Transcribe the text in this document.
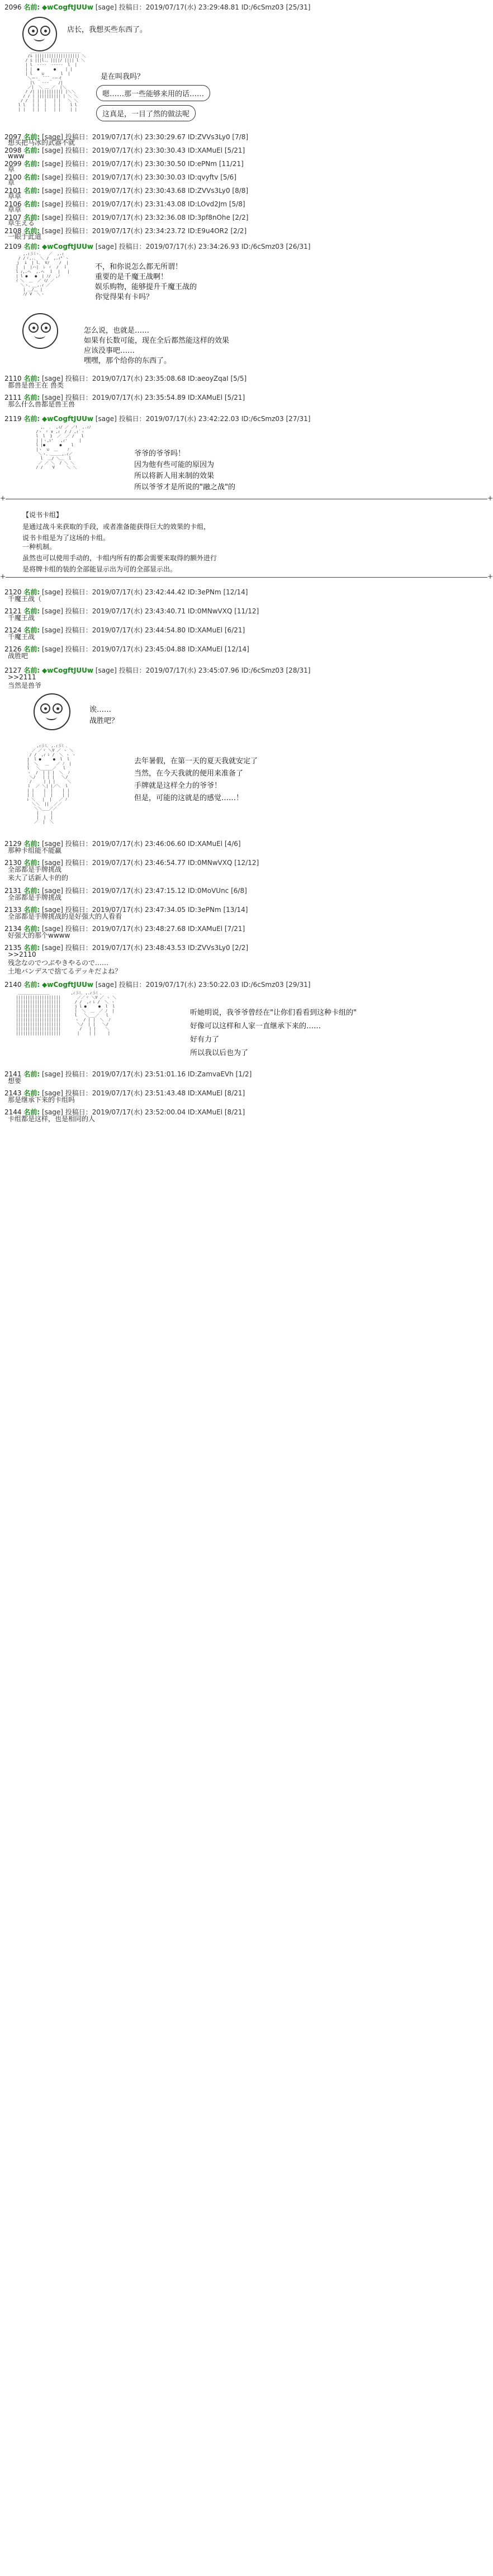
2096 名前: ◆wCogftJUUw [sage] 投稿日：2019/07/17(水) 23:29:48.81 ID:/6cSmz03 [25/31]
店长，我想买些东西了。
＿＿＿＿＿＿＿＿＿＿＿＿＿
/i ||||||||||||||||||| ＼
/ i |||l.、||||/ |||| l ＼
| l  -‐--  ‐--‐-  l  |
| |  ●      ●    | |
| l    ∪       l  |
＼ー-_ ̄ ̄ ̄ _-ーイ
|\   ‐‐‐    /|
／|  ＼ ＿ ／  |＼
/ /| ||||||||||| |＼＼
/ / | |||||||||| | ＼ ＼
/ /  | |  |   | |   ＼ ＼
l l   | |  |   | |    l l
| |   | |  |   | |    | |
是在叫我吗？
嗯……那一些能够来用的话……
这真是，一目了然的做法呢
2097 名前: [sage] 投稿日：2019/07/17(水) 23:30:29.67 ID:ZVVs3Ly0 [7/8]
想买把马冰的武器不就
2098 名前: [sage] 投稿日：2019/07/17(水) 23:30:30.43 ID:XAMuEl [5/21]
www
2099 名前: [sage] 投稿日：2019/07/17(水) 23:30:30.50 ID:ePNm [11/21]
草
2100 名前: [sage] 投稿日：2019/07/17(水) 23:30:30.03 ID:qvyftv [5/6]
草
2101 名前: [sage] 投稿日：2019/07/17(水) 23:30:43.68 ID:ZVVs3Ly0 [8/8]
草草
2106 名前: [sage] 投稿日：2019/07/17(水) 23:31:43.08 ID:LOvd2Jm [5/8]
草草
2107 名前: [sage] 投稿日：2019/07/17(水) 23:32:36.08 ID:3pf8nOhe [2/2]
草生える
2108 名前: [sage] 投稿日：2019/07/17(水) 23:34:23.72 ID:E9u4OR2 [2/2]
一眼于此道
2109 名前: ◆wCogftJUUw [sage] 投稿日：2019/07/17(水) 23:34:26.93 ID:/6cSmz03 [26/31]
,.ｨ彡ﾐヽ､   ／  ,.ｨ
/ /ヾ,.、 ＼ /  ,.ｨ"´ヽ
ｊ  i  | l、 V/    /  |
|  |  |ハ|  ﾚ ヾ  /  ｌ
l ｨ,.ヘ  ,.ヘ  ｌ  |   |
| l ●   ●  | ﾉ/  ,ﾉ
ｲ ＼  ﹏  ／ ｲ/ ／
＼ヽ、__,.ｨ ／
| ＿/＿ |
ﾉ/ V  ＼ヽ
不，和你说怎么都无所谓！
重要的是千魔王战啊！
娱乐购物，能够提升千魔王战的
你觉得果有卡吗？
怎么说，也就是……
如果有长数可能，现在全后都然能这样的效果
应该没事吧……
嘿嘿，那个给你的东西了。
2110 名前: [sage] 投稿日：2019/07/17(水) 23:35:08.68 ID:aeoyZqaI [5/5]
都兽是兽王在 兽类
2111 名前: [sage] 投稿日：2019/07/17(水) 23:35:54.89 ID:XAMuEl [5/21]
那么什么兽都是兽王兽
2119 名前: ◆wCogftJUUw [sage] 投稿日：2019/07/17(水) 23:42:22.03 ID:/6cSmz03 [27/31]
,、 ､  ,ｨ/ ／ ／!  ,.ｨﾉ
/ヽ ヾ ∨ ,ｨ  / / ,ｨ´ヽ
l  l  }  ／  ／ /   l
| |ヽ,ﾚ'   ,ｨ'     |
l |●      ●    l
|ヽ  ∪  ﹏    ﾉ
＼ヽ、＿＿＿,.ｨ／
l  ＿/ ＼＿  l
／ ／ ＼  / ＼ ＼
/ /    V     ＼ ＼
爷爷的爷爷吗！
因为他有些可能的原因为
所以将新人用来制的效果
所以爷爷才是所说的"融之战"的
+ +
【说书卡组】
是通过战斗来获取的手段，或者准备能获得巨大的效果的卡组，
说书卡组是为了这场的卡组。
一种机制。
虽然也可以使用手动的，卡组内所有的都会需要来取得的额外进行
是将牌卡组的装的全部能显示出为可的全部显示出。
+ +
2120 名前: [sage] 投稿日：2019/07/17(水) 23:42:44.42 ID:3ePNm [12/14]
千魔王战（
2121 名前: [sage] 投稿日：2019/07/17(水) 23:43:40.71 ID:0MNwVXQ [11/12]
千魔王战
2124 名前: [sage] 投稿日：2019/07/17(水) 23:44:54.80 ID:XAMuEl [6/21]
千魔王战
2126 名前: [sage] 投稿日：2019/07/17(水) 23:45:04.88 ID:XAMuEl [12/14]
战胜吧
2127 名前: ◆wCogftJUUw [sage] 投稿日：2019/07/17(水) 23:45:07.96 ID:/6cSmz03 [28/31]
>>2111
当然是兽爷
诶……
战胜吧？
,ｨ彡ﾐ､ ,.ｨ彡ﾐ ､
／ ／ヾ ＼V ／ ヽ ＼
/ /  ,ｨ ﾚ /  ＼ ヽ ヽ
j  l ●     ●  l  l
|  ＼   ﹏   ／ ﾉ  |
l   ＼_____／   l
ヽ  /  | | |  ＼  ﾉ
＼/   | | |   ＼/
/     | | |     ＼
ｌ  ／ ＼| |／＼  l
| |    |  |    | |
| |    |  |    | |
ﾚ ＼   |  |   ／ ﾉ
＼＼  ||  ／／
＼＼___／／
|     |
|  |  |
／  |  ＼
去年暑假，在第一天的夏天我就安定了
当然，在今天我就的便用来准备了
手牌就是这样全力的爷爷！
但是，可能的这就是的感觉……！
2129 名前: [sage] 投稿日：2019/07/17(水) 23:46:06.60 ID:XAMuEl [4/6]
那种卡组能不能赢
2130 名前: [sage] 投稿日：2019/07/17(水) 23:46:54.77 ID:0MNwVXQ [12/12]
全部都是手牌挑战
来大了话新人卡的的
2131 名前: [sage] 投稿日：2019/07/17(水) 23:47:15.12 ID:0MoVUnc [6/8]
全部都是手牌挑战
2133 名前: [sage] 投稿日：2019/07/17(水) 23:47:34.05 ID:3ePNm [13/14]
全部都是手牌挑战的是好强大的人看看
2134 名前: [sage] 投稿日：2019/07/17(水) 23:48:27.68 ID:XAMuEl [7/21]
好强大的那个wwww
2135 名前: [sage] 投稿日：2019/07/17(水) 23:48:43.53 ID:ZVVs3Ly0 [2/2]
>>2110
残念なのでつぶやきやるので……
土地バンデスで捨てるデッキだよね？
2140 名前: ◆wCogftJUUw [sage] 投稿日：2019/07/17(水) 23:50:22.03 ID:/6cSmz03 [29/31]
＿＿＿＿＿＿＿＿         ,ｨ彡ﾐ､ ,.ｨ彡ﾐ ､
|||||||||||||||||||       ／／ヾ ＼V ／ ヽ ＼
|||||||||||||||||||      / /  ,ｨ ﾚ /  ＼ ヽ
|||||||||||||||||||      j l ●     ●  l  l
|||||||||||||||||||      |  ＼  ﹏  ／ ﾉ  |
|||||||||||||||||||      l   ＼___／   l
|||||||||||||||||||      ヽ  / | |  ＼  ﾉ
|||||||||||||||||||       ＼/  | |   ＼/
|||||||||||||||||||        /   | |    ＼
|||||||||||||||||||       |    | |     |
听她明说，我爷爷曾经在"让你们看看到这种卡组的"
好像可以这样和人家一直继承下来的……
好有力了
所以我以后也为了
2141 名前: [sage] 投稿日：2019/07/17(水) 23:51:01.16 ID:ZamvaEVh [1/2]
想要
2143 名前: [sage] 投稿日：2019/07/17(水) 23:51:43.48 ID:XAMuEl [8/21]
那是继承下来的卡组吗
2144 名前: [sage] 投稿日：2019/07/17(水) 23:52:00.04 ID:XAMuEl [8/21]
卡组都是这样，也是相同的人
